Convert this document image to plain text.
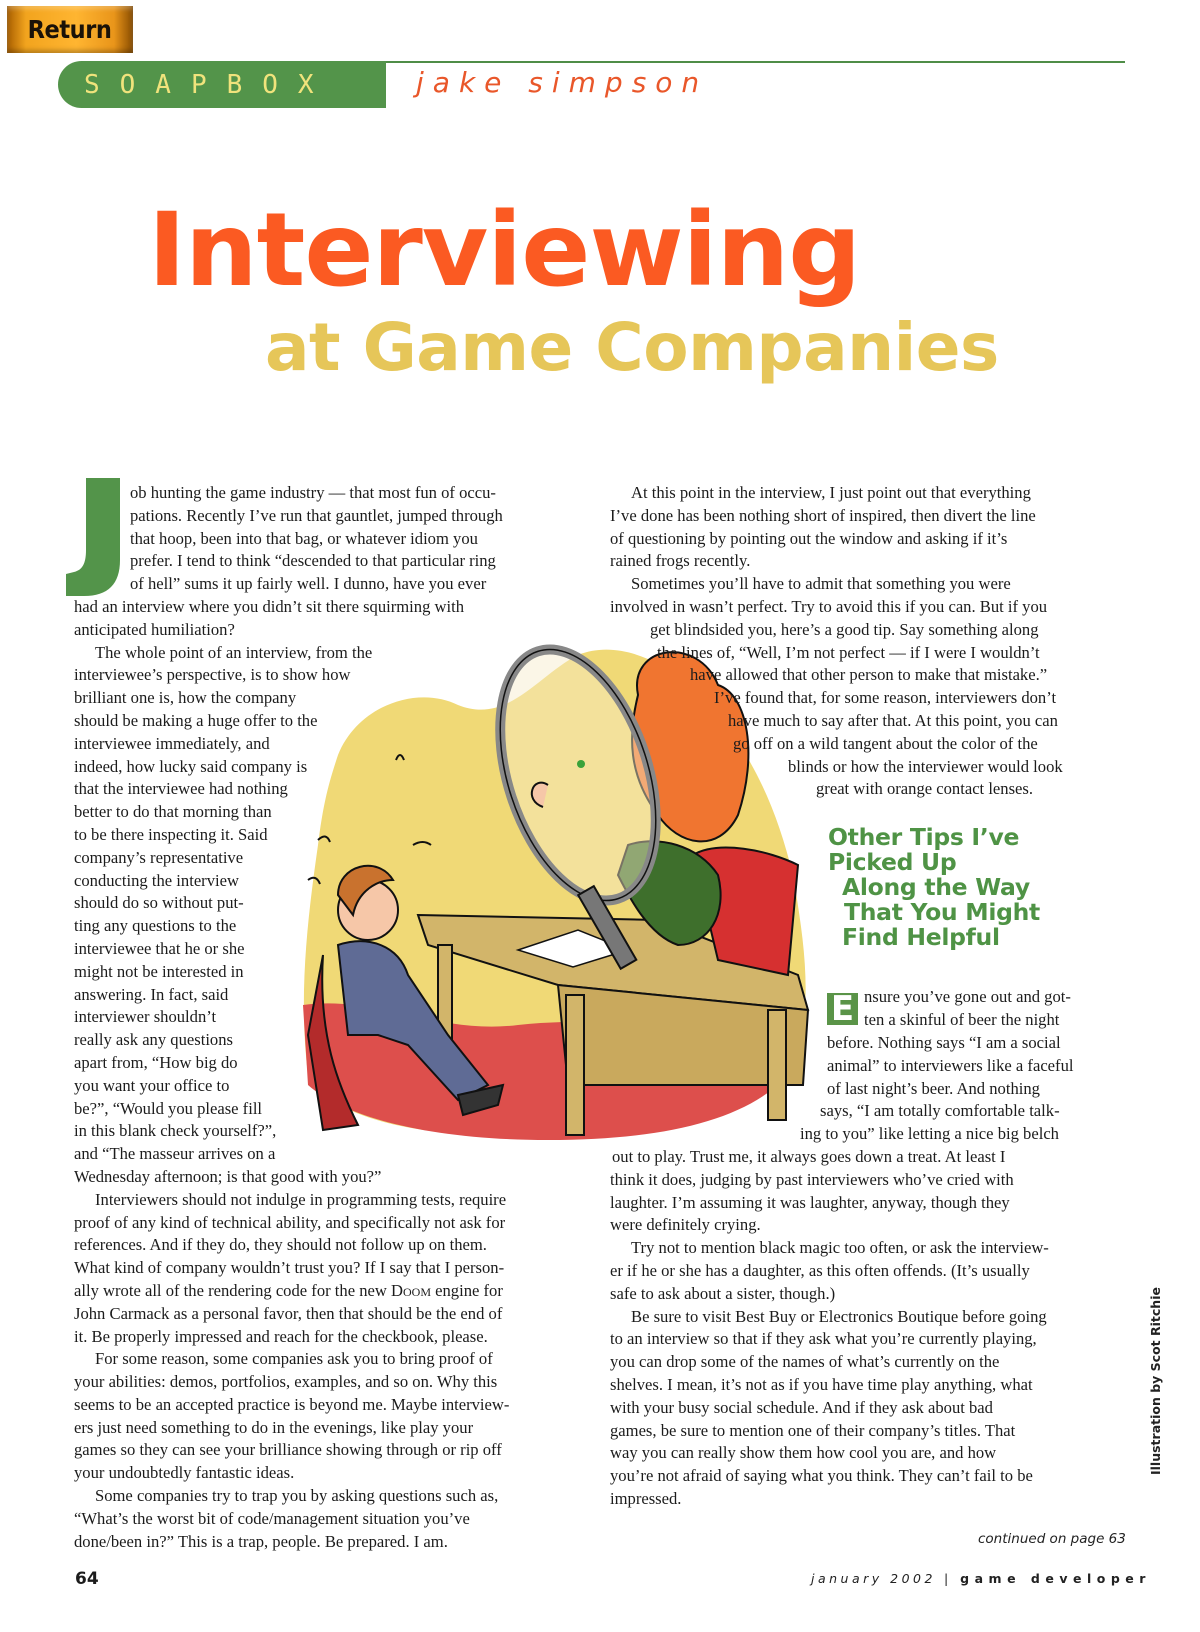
Return
SOAPBOX	jake simpson
Interviewing
at Game Companies
ob hunting the game industry — that most fun of occu-
pations. Recently I’ve run that gauntlet, jumped through
that hoop, been into that bag, or whatever idiom you
prefer. I tend to think “descended to that particular ring
of hell” sums it up fairly well. I dunno, have you ever
had an interview where you didn’t sit there squirming with
anticipated humiliation?
The whole point of an interview, from the
interviewee’s perspective, is to show how
brilliant one is, how the company
should be making a huge offer to the
interviewee immediately, and
indeed, how lucky said company is
that the interviewee had nothing
better to do that morning than
to be there inspecting it. Said
company’s representative
conducting the interview
should do so without put-
ting any questions to the
interviewee that he or she
might not be interested in
answering. In fact, said
interviewer shouldn’t
really ask any questions
apart from, “How big do
you want your office to
be?”, “Would you please fill
in this blank check yourself?”,
and “The masseur arrives on a
Wednesday afternoon; is that good with you?”
Interviewers should not indulge in programming tests, require
proof of any kind of technical ability, and specifically not ask for
references. And if they do, they should not follow up on them.
What kind of company wouldn’t trust you? If I say that I person-
ally wrote all of the rendering code for the new Doom engine for
John Carmack as a personal favor, then that should be the end of
it. Be properly impressed and reach for the checkbook, please.
For some reason, some companies ask you to bring proof of
your abilities: demos, portfolios, examples, and so on. Why this
seems to be an accepted practice is beyond me. Maybe interview-
ers just need something to do in the evenings, like play your
games so they can see your brilliance showing through or rip off
your undoubtedly fantastic ideas.
Some companies try to trap you by asking questions such as,
“What’s the worst bit of code/management situation you’ve
done/been in?” This is a trap, people. Be prepared. I am.
At this point in the interview, I just point out that everything
I’ve done has been nothing short of inspired, then divert the line
of questioning by pointing out the window and asking if it’s
rained frogs recently.
Sometimes you’ll have to admit that something you were
involved in wasn’t perfect. Try to avoid this if you can. But if you
get blindsided you, here’s a good tip. Say something along
the lines of, “Well, I’m not perfect — if I were I wouldn’t
have allowed that other person to make that mistake.”
I’ve found that, for some reason, interviewers don’t
have much to say after that. At this point, you can
go off on a wild tangent about the color of the
blinds or how the interviewer would look
great with orange contact lenses.
Other Tips I’ve
Picked Up
Along the Way
That You Might
Find Helpful
E nsure you’ve gone out and got-
ten a skinful of beer the night
before. Nothing says “I am a social
animal” to interviewers like a faceful
of last night’s beer. And nothing
says, “I am totally comfortable talk-
ing to you” like letting a nice big belch
out to play. Trust me, it always goes down a treat. At least I
think it does, judging by past interviewers who’ve cried with
laughter. I’m assuming it was laughter, anyway, though they
were definitely crying.
Try not to mention black magic too often, or ask the interview-
er if he or she has a daughter, as this often offends. (It’s usually
safe to ask about a sister, though.)
Be sure to visit Best Buy or Electronics Boutique before going
to an interview so that if they ask what you’re currently playing,
you can drop some of the names of what’s currently on the
shelves. I mean, it’s not as if you have time play anything, what
with your busy social schedule. And if they ask about bad
games, be sure to mention one of their company’s titles. That
way you can really show them how cool you are, and how
you’re not afraid of saying what you think. They can’t fail to be
impressed.
Illustration by Scot Ritchie
continued on page 63
64	january 2002 | game developer
